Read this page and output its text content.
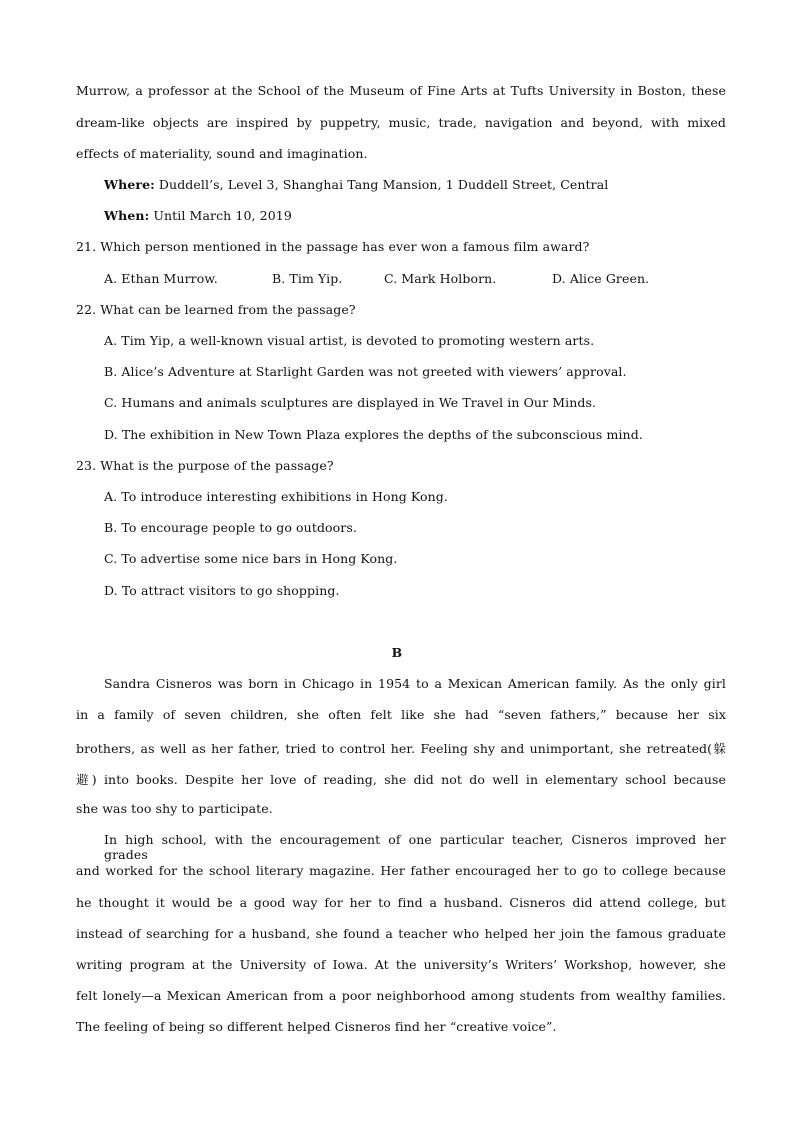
Murrow, a professor at the School of the Museum of Fine Arts at Tufts University in Boston, these
dream-like objects are inspired by puppetry, music, trade, navigation and beyond, with mixed
effects of materiality, sound and imagination.
Where: Duddell’s, Level 3, Shanghai Tang Mansion, 1 Duddell Street, Central
When: Until March 10, 2019
21. Which person mentioned in the passage has ever won a famous film award?
A. Ethan Murrow.	B. Tim Yip.	C. Mark Holborn.	D. Alice Green.
22. What can be learned from the passage?
A. Tim Yip, a well-known visual artist, is devoted to promoting western arts.
B. Alice’s Adventure at Starlight Garden was not greeted with viewers’ approval.
C. Humans and animals sculptures are displayed in We Travel in Our Minds.
D. The exhibition in New Town Plaza explores the depths of the subconscious mind.
23. What is the purpose of the passage?
A. To introduce interesting exhibitions in Hong Kong.
B. To encourage people to go outdoors.
C. To advertise some nice bars in Hong Kong.
D. To attract visitors to go shopping.
B
Sandra Cisneros was born in Chicago in 1954 to a Mexican American family. As the only girl
in a family of seven children, she often felt like she had “seven fathers,” because her six
brothers, as well as her father, tried to control her. Feeling shy and unimportant, she retreated(躲
避) into books. Despite her love of reading, she did not do well in elementary school because
she was too shy to participate.
In high school, with the encouragement of one particular teacher, Cisneros improved her grades
and worked for the school literary magazine. Her father encouraged her to go to college because
he thought it would be a good way for her to find a husband. Cisneros did attend college, but
instead of searching for a husband, she found a teacher who helped her join the famous graduate
writing program at the University of Iowa. At the university’s Writers’ Workshop, however, she
felt lonely—a Mexican American from a poor neighborhood among students from wealthy families.
The feeling of being so different helped Cisneros find her “creative voice”.
